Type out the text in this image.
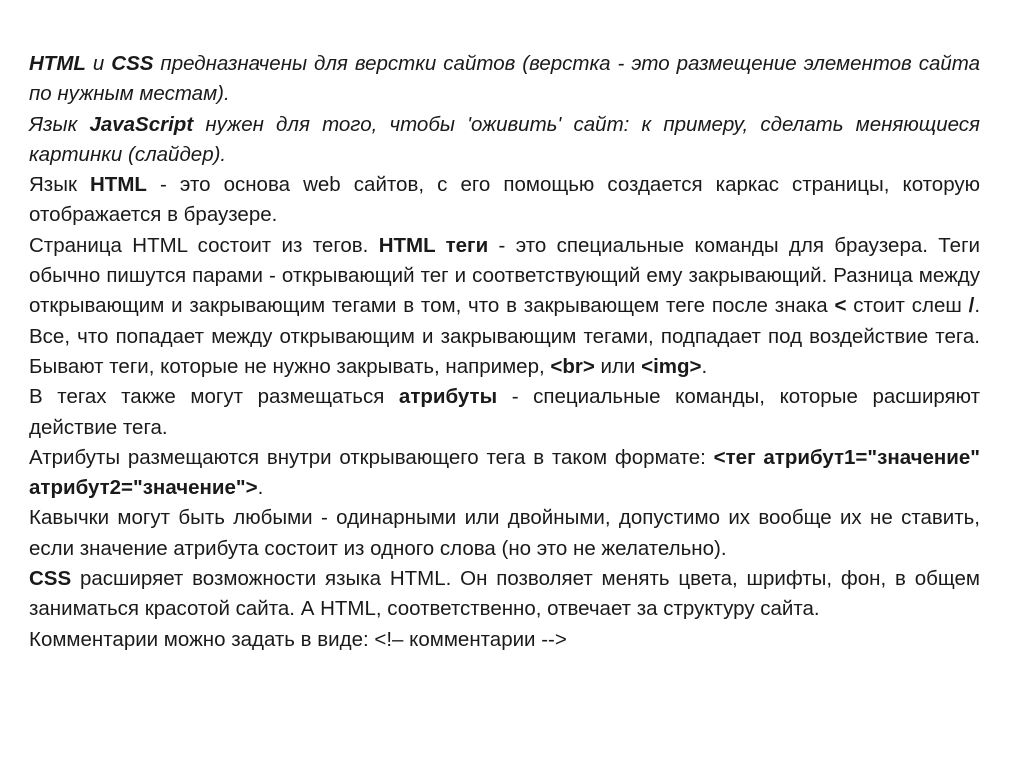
HTML и CSS предназначены для верстки сайтов (верстка - это размещение элементов сайта по нужным местам).

Язык JavaScript нужен для того, чтобы 'оживить' сайт: к примеру, сделать меняющиеся картинки (слайдер).

Язык HTML - это основа web сайтов, с его помощью создается каркас страницы, которую отображается в браузере.

Страница HTML состоит из тегов. HTML теги - это специальные команды для браузера. Теги обычно пишутся парами - открывающий тег и соответствующий ему закрывающий. Разница между открывающим и закрывающим тегами в том, что в закрывающем теге после знака < стоит слеш /. Все, что попадает между открывающим и закрывающим тегами, подпадает под воздействие тега. Бывают теги, которые не нужно закрывать, например, <br> или <img>.

В тегах также могут размещаться атрибуты - специальные команды, которые расширяют действие тега.

Атрибуты размещаются внутри открывающего тега в таком формате: <тег атрибут1="значение" атрибут2="значение">.

Кавычки могут быть любыми - одинарными или двойными, допустимо их вообще их не ставить, если значение атрибута состоит из одного слова (но это не желательно).

CSS расширяет возможности языка HTML. Он позволяет менять цвета, шрифты, фон, в общем заниматься красотой сайта. А HTML, соответственно, отвечает за структуру сайта.

Комментарии можно задать в виде: <!– комментарии -->
